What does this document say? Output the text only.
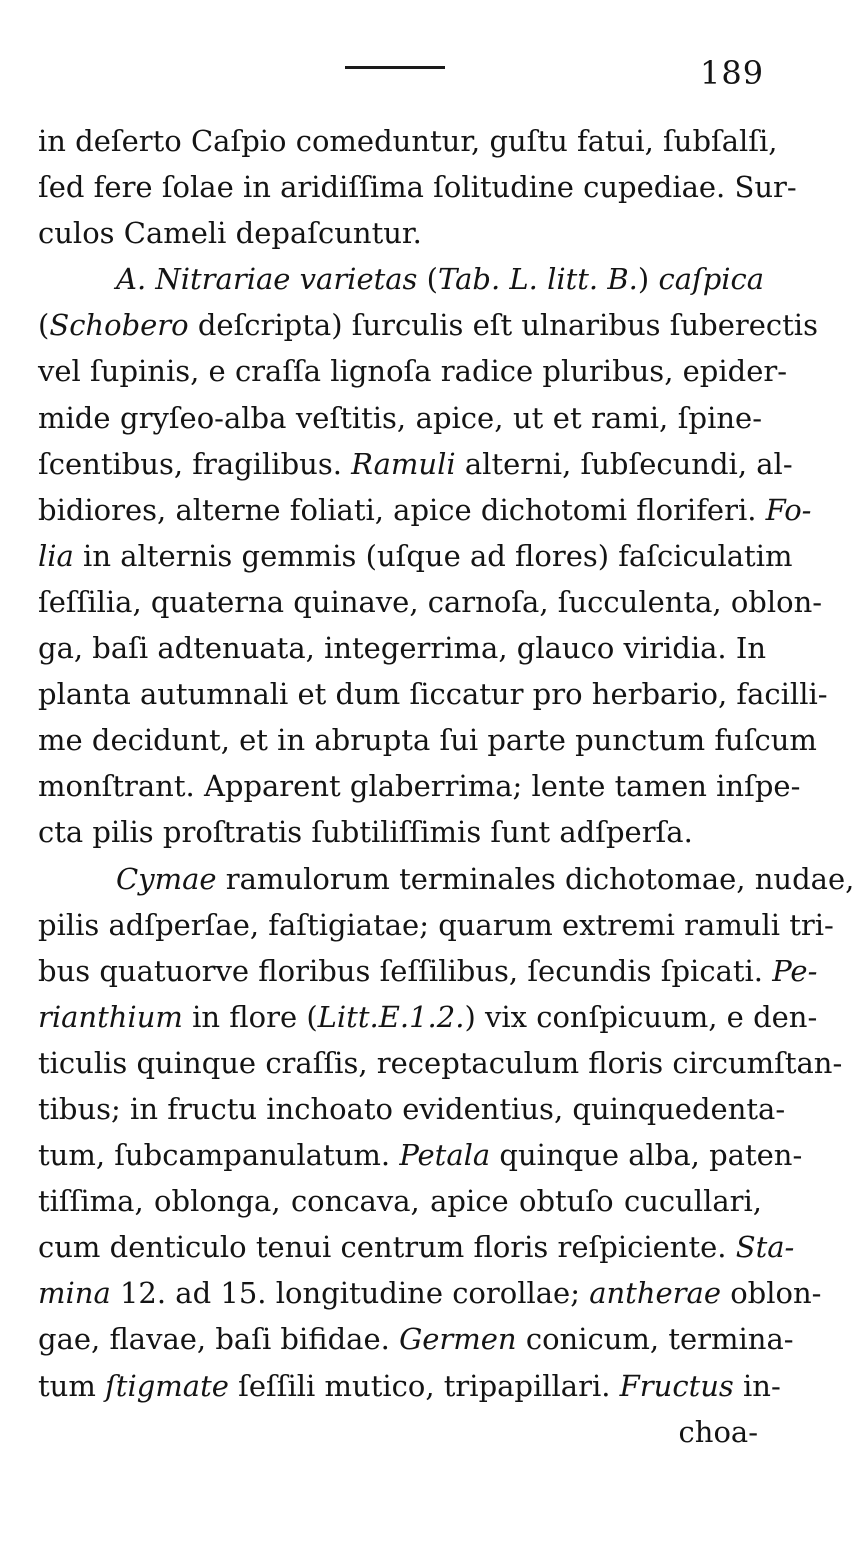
189
in deſerto Caſpio comeduntur, guſtu fatui, ſubſalſi,
ſed fere ſolae in aridiſſima ſolitudine cupediae. Sur-
culos Cameli depaſcuntur.
A. Nitrariae varietas (Tab. L. litt. B.) caſpica
(Schobero deſcripta) ſurculis eſt ulnaribus ſuberectis
vel ſupinis, e craſſa lignoſa radice pluribus, epider-
mide gryſeo-alba veſtitis, apice, ut et rami, ſpine-
ſcentibus, fragilibus. Ramuli alterni, ſubſecundi, al-
bidiores, alterne foliati, apice dichotomi floriferi. Fo-
lia in alternis gemmis (uſque ad flores) faſciculatim
ſeſſilia, quaterna quinave, carnoſa, ſucculenta, oblon-
ga, baſi adtenuata, integerrima, glauco viridia. In
planta autumnali et dum ſiccatur pro herbario, facilli-
me decidunt, et in abrupta ſui parte punctum fuſcum
monſtrant. Apparent glaberrima; lente tamen inſpe-
cta pilis proſtratis ſubtiliſſimis ſunt adſperſa.
Cymae ramulorum terminales dichotomae, nudae,
pilis adſperſae, faſtigiatae; quarum extremi ramuli tri-
bus quatuorve floribus ſeſſilibus, ſecundis ſpicati. Pe-
rianthium in flore (Litt.E.1.2.) vix conſpicuum, e den-
ticulis quinque craſſis, receptaculum floris circumſtan-
tibus; in fructu inchoato evidentius, quinquedenta-
tum, ſubcampanulatum. Petala quinque alba, paten-
tiſſima, oblonga, concava, apice obtuſo cucullari,
cum denticulo tenui centrum floris reſpiciente. Sta-
mina 12. ad 15. longitudine corollae; antherae oblon-
gae, flavae, baſi bifidae. Germen conicum, termina-
tum ſtigmate ſeſſili mutico, tripapillari. Fructus in-
choa-
